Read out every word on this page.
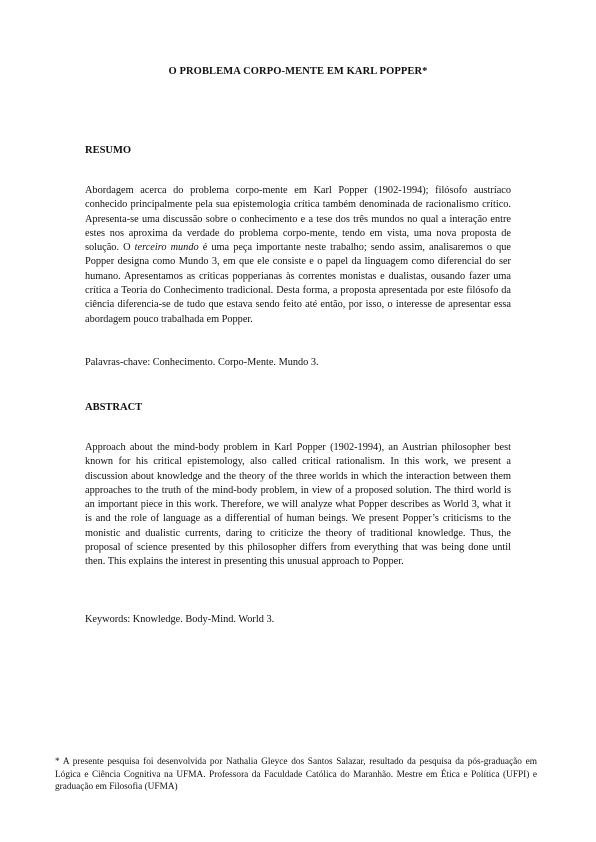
O PROBLEMA CORPO-MENTE EM KARL POPPER*
RESUMO

Abordagem acerca do problema corpo-mente em Karl Popper (1902-1994); filósofo austríaco conhecido principalmente pela sua epistemologia crítica também denominada de racionalismo crítico. Apresenta-se uma discussão sobre o conhecimento e a tese dos três mundos no qual a interação entre estes nos aproxima da verdade do problema corpo-mente, tendo em vista, uma nova proposta de solução. O terceiro mundo é uma peça importante neste trabalho; sendo assim, analisaremos o que Popper designa como Mundo 3, em que ele consiste e o papel da linguagem como diferencial do ser humano. Apresentamos as críticas popperianas às correntes monistas e dualistas, ousando fazer uma crítica a Teoria do Conhecimento tradicional. Desta forma, a proposta apresentada por este filósofo da ciência diferencia-se de tudo que estava sendo feito até então, por isso, o interesse de apresentar essa abordagem pouco trabalhada em Popper.

Palavras-chave: Conhecimento. Corpo-Mente. Mundo 3.
ABSTRACT

Approach about the mind-body problem in Karl Popper (1902-1994), an Austrian philosopher best known for his critical epistemology, also called critical rationalism. In this work, we present a discussion about knowledge and the theory of the three worlds in which the interaction between them approaches to the truth of the mind-body problem, in view of a proposed solution. The third world is an important piece in this work. Therefore, we will analyze what Popper describes as World 3, what it is and the role of language as a differential of human beings. We present Popper’s criticisms to the monistic and dualistic currents, daring to criticize the theory of traditional knowledge. Thus, the proposal of science presented by this philosopher differs from everything that was being done until then. This explains the interest in presenting this unusual approach to Popper.

Keywords: Knowledge. Body-Mind. World 3.

* A presente pesquisa foi desenvolvida por Nathalia Gleyce dos Santos Salazar, resultado da pesquisa da pós-graduação em Lógica e Ciência Cognitiva na UFMA. Professora da Faculdade Católica do Maranhão. Mestre em Ética e Política (UFPI) e graduação em Filosofia (UFMA)
